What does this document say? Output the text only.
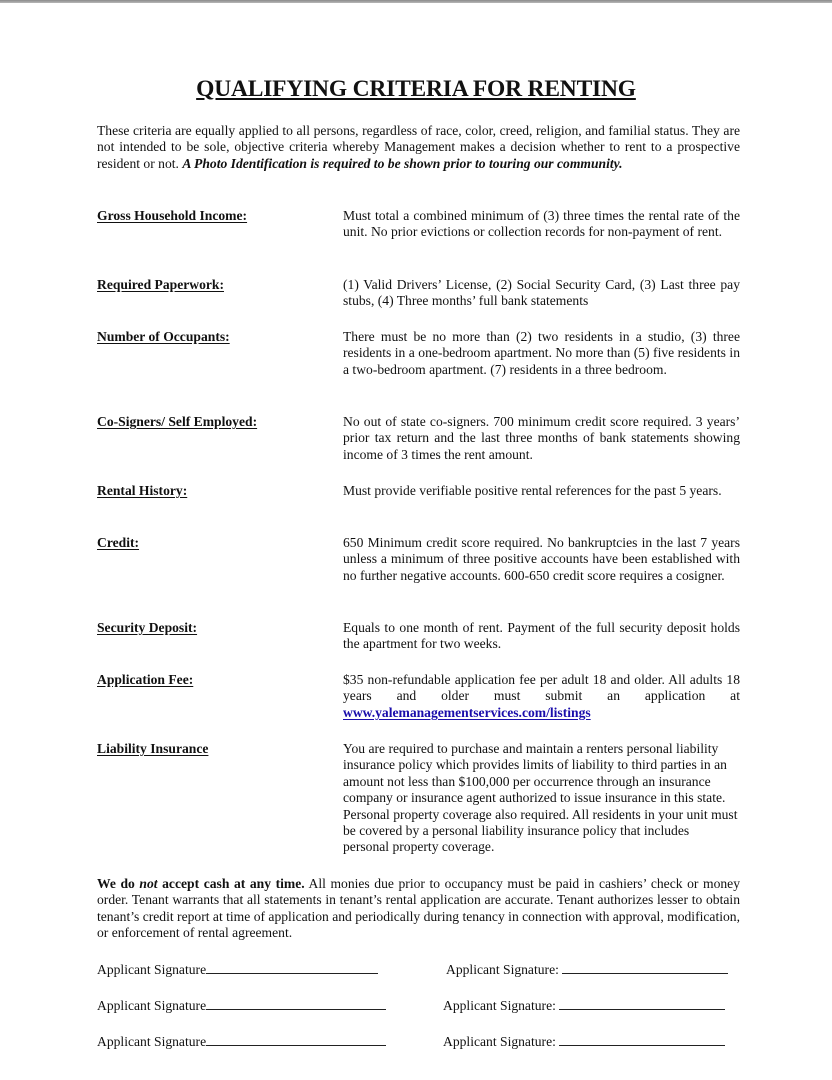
QUALIFYING CRITERIA FOR RENTING
These criteria are equally applied to all persons, regardless of race, color, creed, religion, and familial status. They are not intended to be sole, objective criteria whereby Management makes a decision whether to rent to a prospective resident or not. A Photo Identification is required to be shown prior to touring our community.
Gross Household Income:	Must total a combined minimum of (3) three times the rental rate of the unit. No prior evictions or collection records for non-payment of rent.
Required Paperwork:	(1) Valid Drivers’ License, (2) Social Security Card, (3) Last three pay stubs, (4) Three months’ full bank statements
Number of Occupants:	There must be no more than (2) two residents in a studio, (3) three residents in a one-bedroom apartment. No more than (5) five residents in a two-bedroom apartment. (7) residents in a three bedroom.
Co-Signers/ Self Employed:	No out of state co-signers. 700 minimum credit score required. 3 years’ prior tax return and the last three months of bank statements showing income of 3 times the rent amount.
Rental History:	Must provide verifiable positive rental references for the past 5 years.
Credit:	650 Minimum credit score required. No bankruptcies in the last 7 years unless a minimum of three positive accounts have been established with no further negative accounts. 600-650 credit score requires a cosigner.
Security Deposit:	Equals to one month of rent. Payment of the full security deposit holds the apartment for two weeks.
Application Fee:	$35 non-refundable application fee per adult 18 and older. All adults 18 years and older must submit an application at www.yalemanagementservices.com/listings
Liability Insurance	You are required to purchase and maintain a renters personal liability insurance policy which provides limits of liability to third parties in an amount not less than $100,000 per occurrence through an insurance company or insurance agent authorized to issue insurance in this state. Personal property coverage also required. All residents in your unit must be covered by a personal liability insurance policy that includes personal property coverage.
We do not accept cash at any time. All monies due prior to occupancy must be paid in cashiers’ check or money order. Tenant warrants that all statements in tenant’s rental application are accurate. Tenant authorizes lesser to obtain tenant’s credit report at time of application and periodically during tenancy in connection with approval, modification, or enforcement of rental agreement.
Applicant Signature	Applicant Signature:
Applicant Signature	Applicant Signature:
Applicant Signature	Applicant Signature:
